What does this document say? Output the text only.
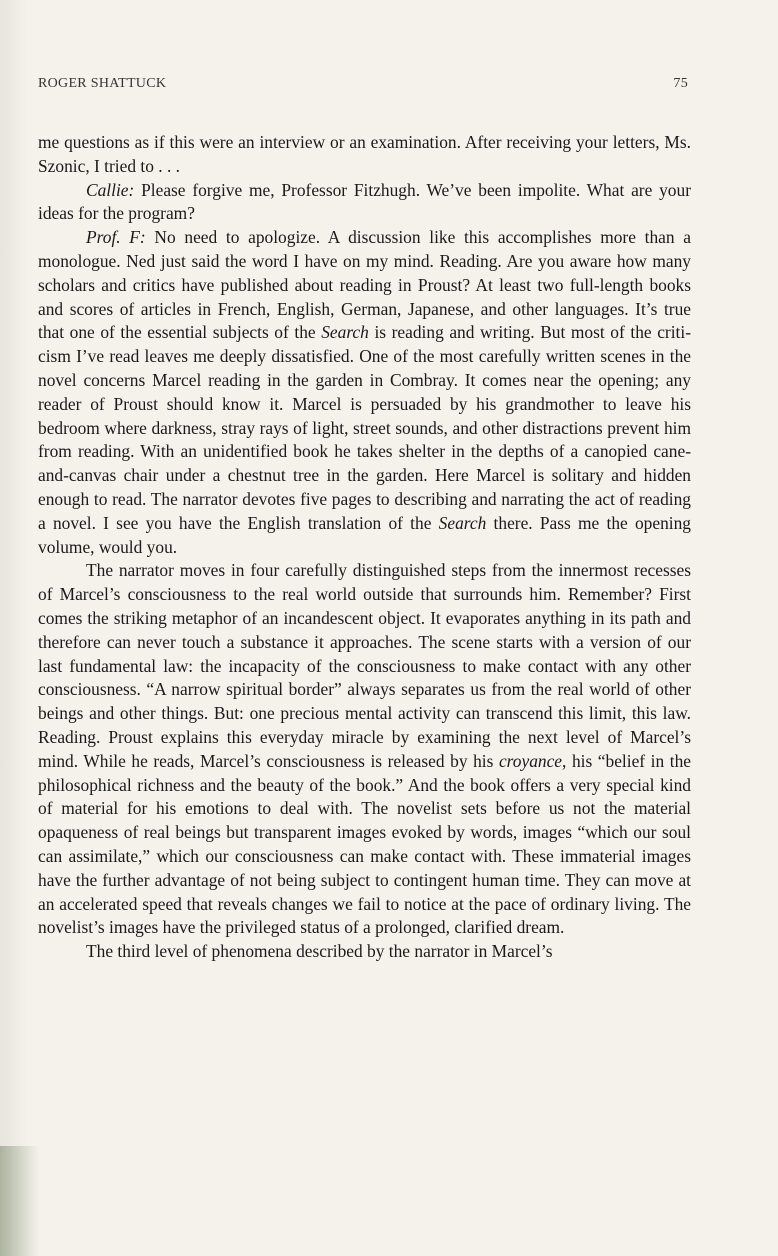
ROGER SHATTUCK	75

me questions as if this were an interview or an examination. After receiving your letters, Ms. Szonic, I tried to . . .

Callie: Please forgive me, Professor Fitzhugh. We’ve been impolite. What are your ideas for the program?

Prof. F: No need to apologize. A discussion like this accomplishes more than a monologue. Ned just said the word I have on my mind. Reading. Are you aware how many scholars and critics have published about reading in Proust? At least two full-length books and scores of articles in French, English, German, Japanese, and other languages. It’s true that one of the essential subjects of the Search is reading and writing. But most of the criticism I’ve read leaves me deeply dissatisfied. One of the most carefully written scenes in the novel concerns Marcel reading in the garden in Combray. It comes near the opening; any reader of Proust should know it. Marcel is persuaded by his grandmother to leave his bedroom where darkness, stray rays of light, street sounds, and other distractions prevent him from reading. With an unidentified book he takes shelter in the depths of a canopied cane-and-canvas chair under a chestnut tree in the garden. Here Marcel is solitary and hidden enough to read. The narrator devotes five pages to describing and narrating the act of reading a novel. I see you have the English translation of the Search there. Pass me the opening volume, would you.

The narrator moves in four carefully distinguished steps from the innermost recesses of Marcel’s consciousness to the real world outside that surrounds him. Remember? First comes the striking metaphor of an incandescent object. It evaporates anything in its path and therefore can never touch a substance it approaches. The scene starts with a version of our last fundamental law: the incapacity of the consciousness to make contact with any other consciousness. “A narrow spiritual border” always separates us from the real world of other beings and other things. But: one precious mental activity can transcend this limit, this law. Reading. Proust explains this everyday miracle by examining the next level of Marcel’s mind. While he reads, Marcel’s consciousness is released by his croyance, his “belief in the philosophical richness and the beauty of the book.” And the book offers a very special kind of material for his emotions to deal with. The novelist sets before us not the material opaqueness of real beings but transparent images evoked by words, images “which our soul can assimilate,” which our consciousness can make contact with. These immaterial images have the further advantage of not being subject to contingent human time. They can move at an accelerated speed that reveals changes we fail to notice at the pace of ordinary living. The novelist’s images have the privileged status of a prolonged, clarified dream.

The third level of phenomena described by the narrator in Marcel’s
